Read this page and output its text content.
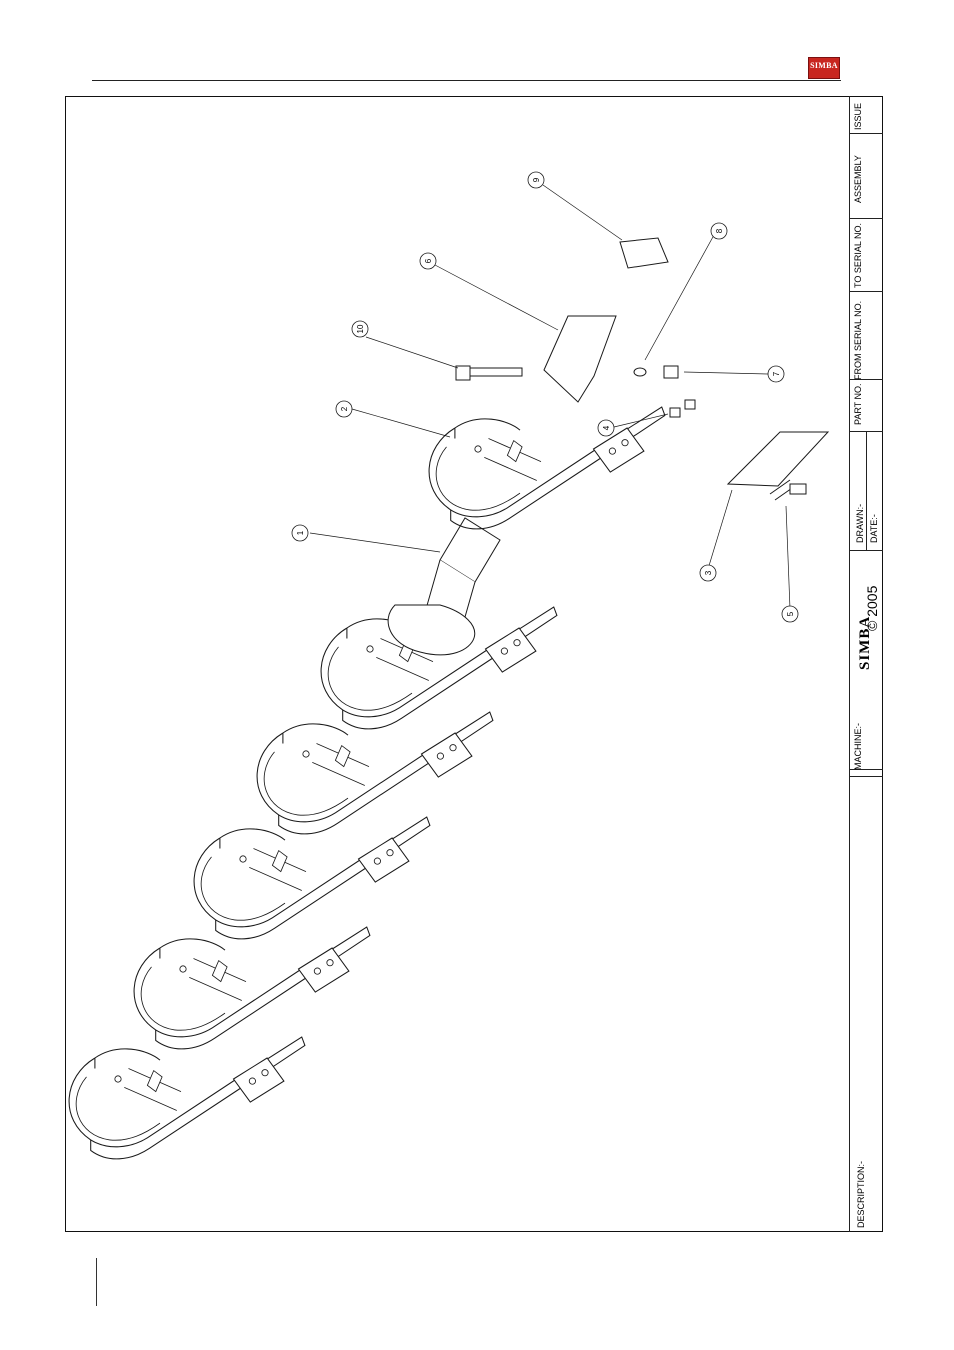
SIMBA
ISSUE
ASSEMBLY
TO SERIAL NO.
FROM SERIAL NO.
PART NO.
DRAWN:- DATE:-
© 2005
SIMBA
MACHINE:-
DESCRIPTION:-
1
2
3
4
5
6
7
8
9
10
